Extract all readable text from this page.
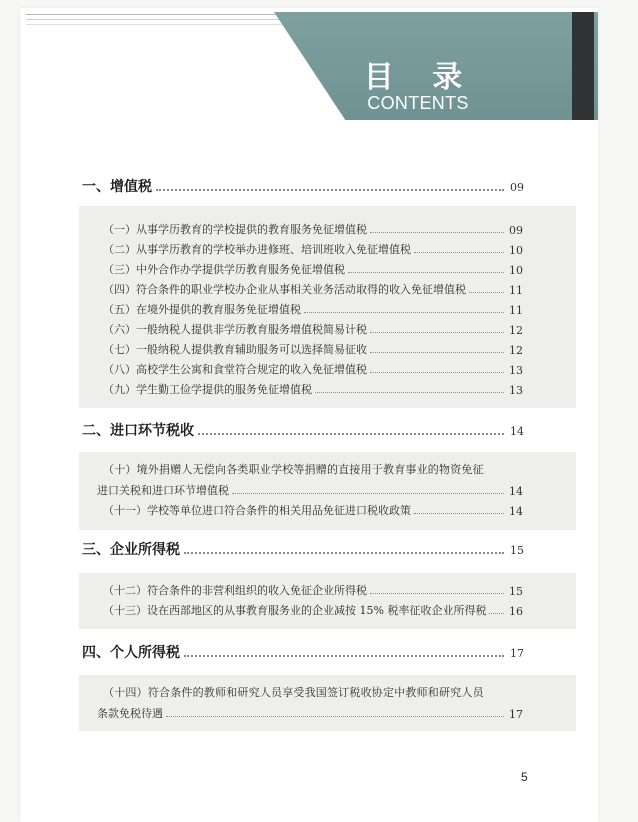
目 录
CONTENTS
一、增值税	09
（一）从事学历教育的学校提供的教育服务免征增值税	09
（二）从事学历教育的学校举办进修班、培训班收入免征增值税	10
（三）中外合作办学提供学历教育服务免征增值税	10
（四）符合条件的职业学校办企业从事相关业务活动取得的收入免征增值税	11
（五）在境外提供的教育服务免征增值税	11
（六）一般纳税人提供非学历教育服务增值税简易计税	12
（七）一般纳税人提供教育辅助服务可以选择简易征收	12
（八）高校学生公寓和食堂符合规定的收入免征增值税	13
（九）学生勤工俭学提供的服务免征增值税	13
二、进口环节税收	14
（十）境外捐赠人无偿向各类职业学校等捐赠的直接用于教育事业的物资免征
进口关税和进口环节增值税	14
（十一）学校等单位进口符合条件的相关用品免征进口税收政策	14
三、企业所得税	15
（十二）符合条件的非营利组织的收入免征企业所得税	15
（十三）设在西部地区的从事教育服务业的企业减按 15% 税率征收企业所得税 16
四、个人所得税	17
（十四）符合条件的教师和研究人员享受我国签订税收协定中教师和研究人员
条款免税待遇	17
5
